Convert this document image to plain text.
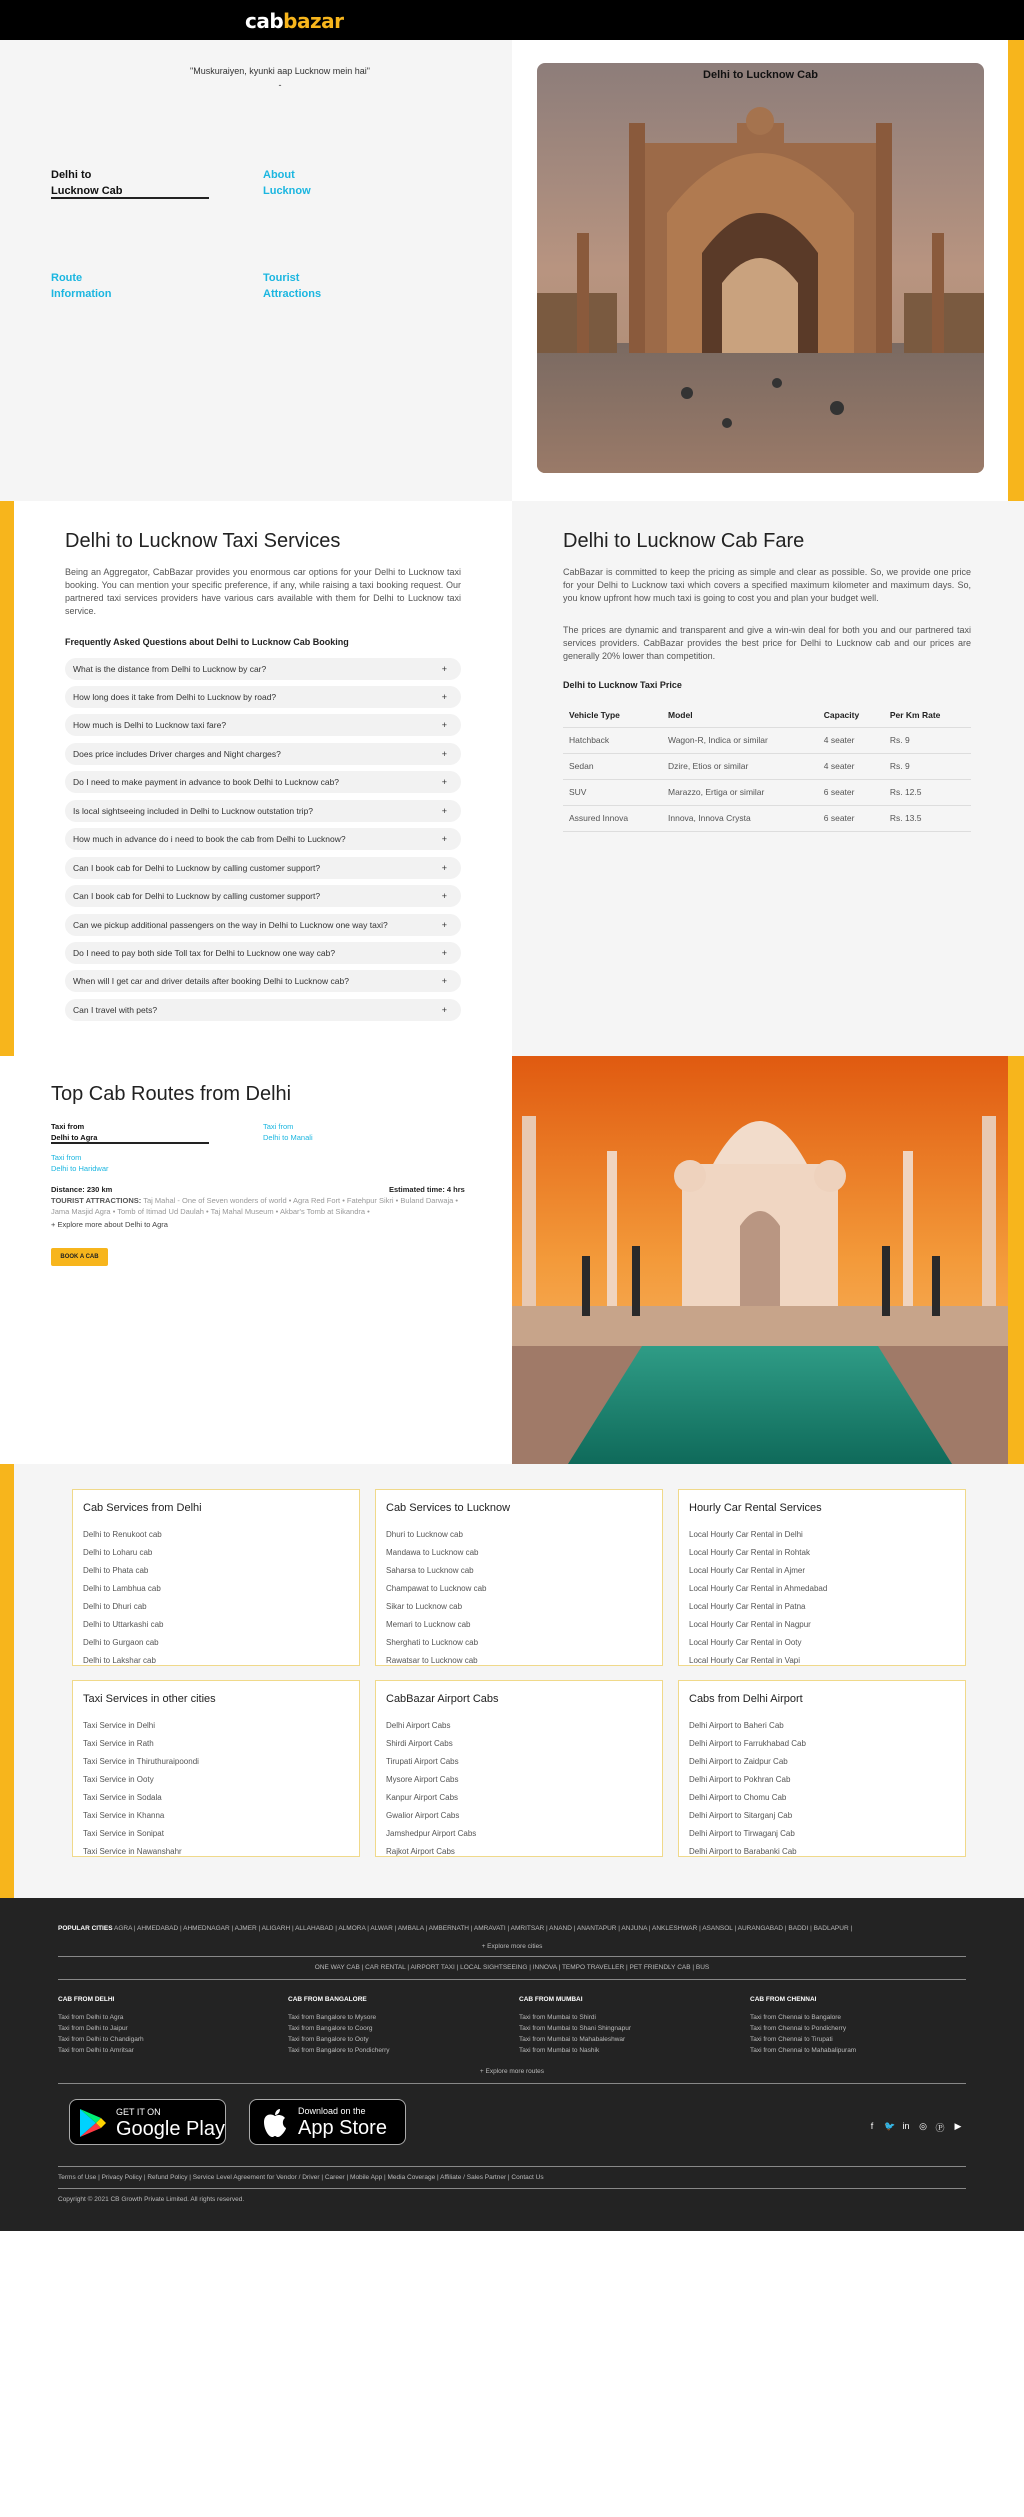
cabbazar
"Muskuraiyen, kyunki aap Lucknow mein hai"
-
Delhi to
Lucknow Cab
About
Lucknow
Route
Information
Tourist
Attractions
Delhi to Lucknow Cab
Delhi to Lucknow Taxi Services
Being an Aggregator, CabBazar provides you enormous car options for your Delhi to Lucknow taxi booking. You can mention your specific preference, if any, while raising a taxi booking request. Our partnered taxi services providers have various cars available with them for Delhi to Lucknow taxi service.
Frequently Asked Questions about Delhi to Lucknow Cab Booking
What is the distance from Delhi to Lucknow by car?	+
How long does it take from Delhi to Lucknow by road?	+
How much is Delhi to Lucknow taxi fare?	+
Does price includes Driver charges and Night charges?	+
Do I need to make payment in advance to book Delhi to Lucknow cab?	+
Is local sightseeing included in Delhi to Lucknow outstation trip?	+
How much in advance do i need to book the cab from Delhi to Lucknow?	+
Can I book cab for Delhi to Lucknow by calling customer support?	+
Can I book cab for Delhi to Lucknow by calling customer support?	+
Can we pickup additional passengers on the way in Delhi to Lucknow one way taxi?	+
Do I need to pay both side Toll tax for Delhi to Lucknow one way cab?	+
When will I get car and driver details after booking Delhi to Lucknow cab?	+
Can I travel with pets?	+
Delhi to Lucknow Cab Fare
CabBazar is committed to keep the pricing as simple and clear as possible. So, we provide one price for your Delhi to Lucknow taxi which covers a specified maximum kilometer and maximum days. So, you know upfront how much taxi is going to cost you and plan your budget well.
The prices are dynamic and transparent and give a win-win deal for both you and our partnered taxi services providers. CabBazar provides the best price for Delhi to Lucknow cab and our prices are generally 20% lower than competition.
Delhi to Lucknow Taxi Price
Vehicle Type	Model	Capacity	Per Km Rate
Hatchback	Wagon-R, Indica or similar	4 seater	Rs. 9
Sedan	Dzire, Etios or similar	4 seater	Rs. 9
SUV	Marazzo, Ertiga or similar	6 seater	Rs. 12.5
Assured Innova	Innova, Innova Crysta	6 seater	Rs. 13.5
Top Cab Routes from Delhi
Taxi from
Delhi to Agra
Taxi from
Delhi to Manali
Taxi from
Delhi to Haridwar
Distance: 230 km	Estimated time: 4 hrs
TOURIST ATTRACTIONS: Taj Mahal - One of Seven wonders of world • Agra Red Fort • Fatehpur Sikri • Buland Darwaja •
Jama Masjid Agra • Tomb of Itimad Ud Daulah • Taj Mahal Museum • Akbar's Tomb at Sikandra •
+ Explore more about Delhi to Agra
BOOK A CAB
Cab Services from Delhi
Delhi to Renukoot cab
Delhi to Loharu cab
Delhi to Phata cab
Delhi to Lambhua cab
Delhi to Dhuri cab
Delhi to Uttarkashi cab
Delhi to Gurgaon cab
Delhi to Lakshar cab
Cab Services to Lucknow
Dhuri to Lucknow cab
Mandawa to Lucknow cab
Saharsa to Lucknow cab
Champawat to Lucknow cab
Sikar to Lucknow cab
Memari to Lucknow cab
Sherghati to Lucknow cab
Rawatsar to Lucknow cab
Hourly Car Rental Services
Local Hourly Car Rental in Delhi
Local Hourly Car Rental in Rohtak
Local Hourly Car Rental in Ajmer
Local Hourly Car Rental in Ahmedabad
Local Hourly Car Rental in Patna
Local Hourly Car Rental in Nagpur
Local Hourly Car Rental in Ooty
Local Hourly Car Rental in Vapi
Taxi Services in other cities
Taxi Service in Delhi
Taxi Service in Rath
Taxi Service in Thiruthuraipoondi
Taxi Service in Ooty
Taxi Service in Sodala
Taxi Service in Khanna
Taxi Service in Sonipat
Taxi Service in Nawanshahr
CabBazar Airport Cabs
Delhi Airport Cabs
Shirdi Airport Cabs
Tirupati Airport Cabs
Mysore Airport Cabs
Kanpur Airport Cabs
Gwalior Airport Cabs
Jamshedpur Airport Cabs
Rajkot Airport Cabs
Cabs from Delhi Airport
Delhi Airport to Baheri Cab
Delhi Airport to Farrukhabad Cab
Delhi Airport to Zaidpur Cab
Delhi Airport to Pokhran Cab
Delhi Airport to Chomu Cab
Delhi Airport to Sitarganj Cab
Delhi Airport to Tirwaganj Cab
Delhi Airport to Barabanki Cab
POPULAR CITIES AGRA | AHMEDABAD | AHMEDNAGAR | AJMER | ALIGARH | ALLAHABAD | ALMORA | ALWAR | AMBALA | AMBERNATH | AMRAVATI | AMRITSAR | ANAND | ANANTAPUR | ANJUNA | ANKLESHWAR | ASANSOL | AURANGABAD | BADDI | BADLAPUR |
+ Explore more cities
ONE WAY CAB | CAR RENTAL | AIRPORT TAXI | LOCAL SIGHTSEEING | INNOVA | TEMPO TRAVELLER | PET FRIENDLY CAB | BUS
CAB FROM DELHI
Taxi from Delhi to Agra
Taxi from Delhi to Jaipur
Taxi from Delhi to Chandigarh
Taxi from Delhi to Amritsar
CAB FROM BANGALORE
Taxi from Bangalore to Mysore
Taxi from Bangalore to Coorg
Taxi from Bangalore to Ooty
Taxi from Bangalore to Pondicherry
CAB FROM MUMBAI
Taxi from Mumbai to Shirdi
Taxi from Mumbai to Shani Shingnapur
Taxi from Mumbai to Mahabaleshwar
Taxi from Mumbai to Nashik
CAB FROM CHENNAI
Taxi from Chennai to Bangalore
Taxi from Chennai to Pondicherry
Taxi from Chennai to Tirupati
Taxi from Chennai to Mahabalipuram
+ Explore more routes
GET IT ON
Google Play
Download on the
App Store	f	🐦 in ◎ Ⓟ ▶
Terms of Use | Privacy Policy | Refund Policy | Service Level Agreement for Vendor / Driver | Career | Mobile App | Media Coverage | Affiliate / Sales Partner | Contact Us
Copyright © 2021 CB Growth Private Limited. All rights reserved.
